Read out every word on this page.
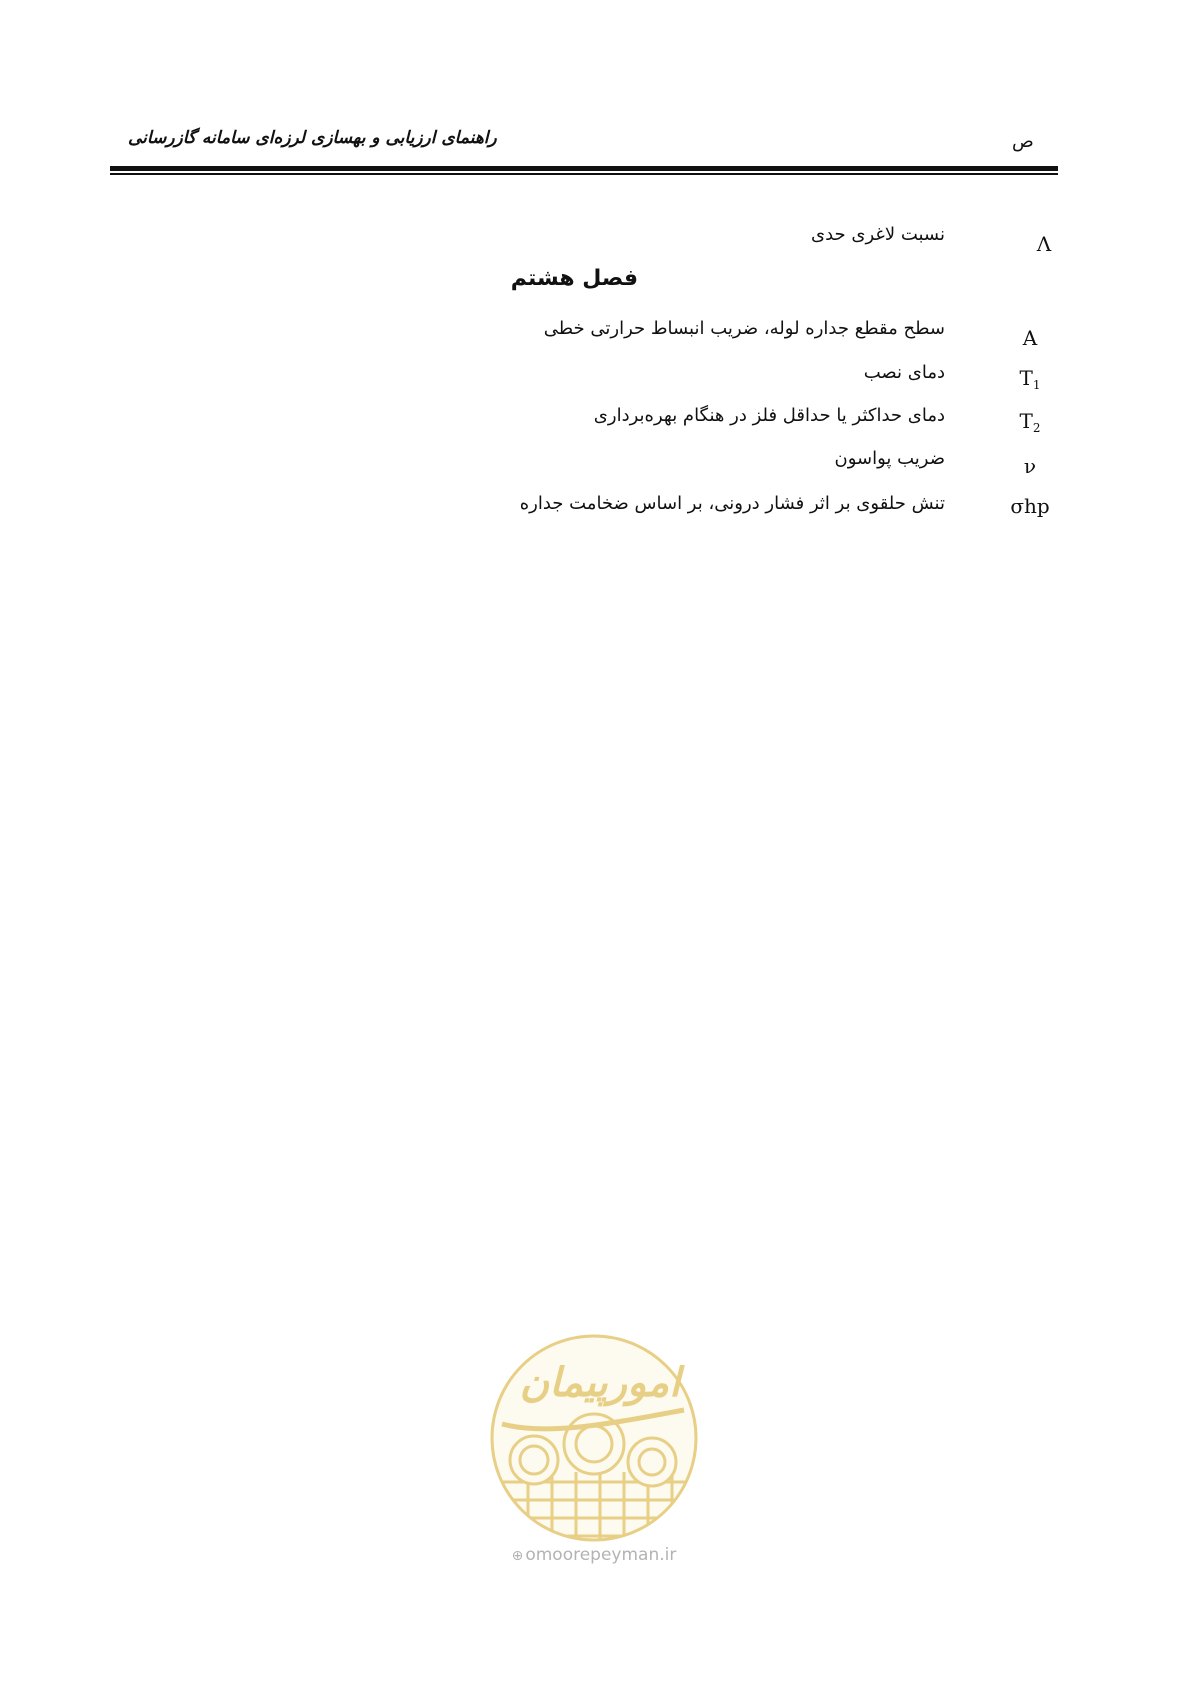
راهنمای ارزیابی و بهسازی لرزه‌ای سامانه گازرسانی	ص
Λ
نسبت لاغری حدی
فصل هشتم
A
سطح مقطع جداره لوله، ضریب انبساط حرارتی خطی
$T_1$
دمای نصب
$T_2$
دمای حداکثر یا حداقل فلز در هنگام بهره‌برداری
ν
ضریب پواسون
σhp
تنش حلقوی بر اثر فشار درونی، بر اساس ضخامت جداره
امورپیمان
⊕ omoorepeyman.ir
